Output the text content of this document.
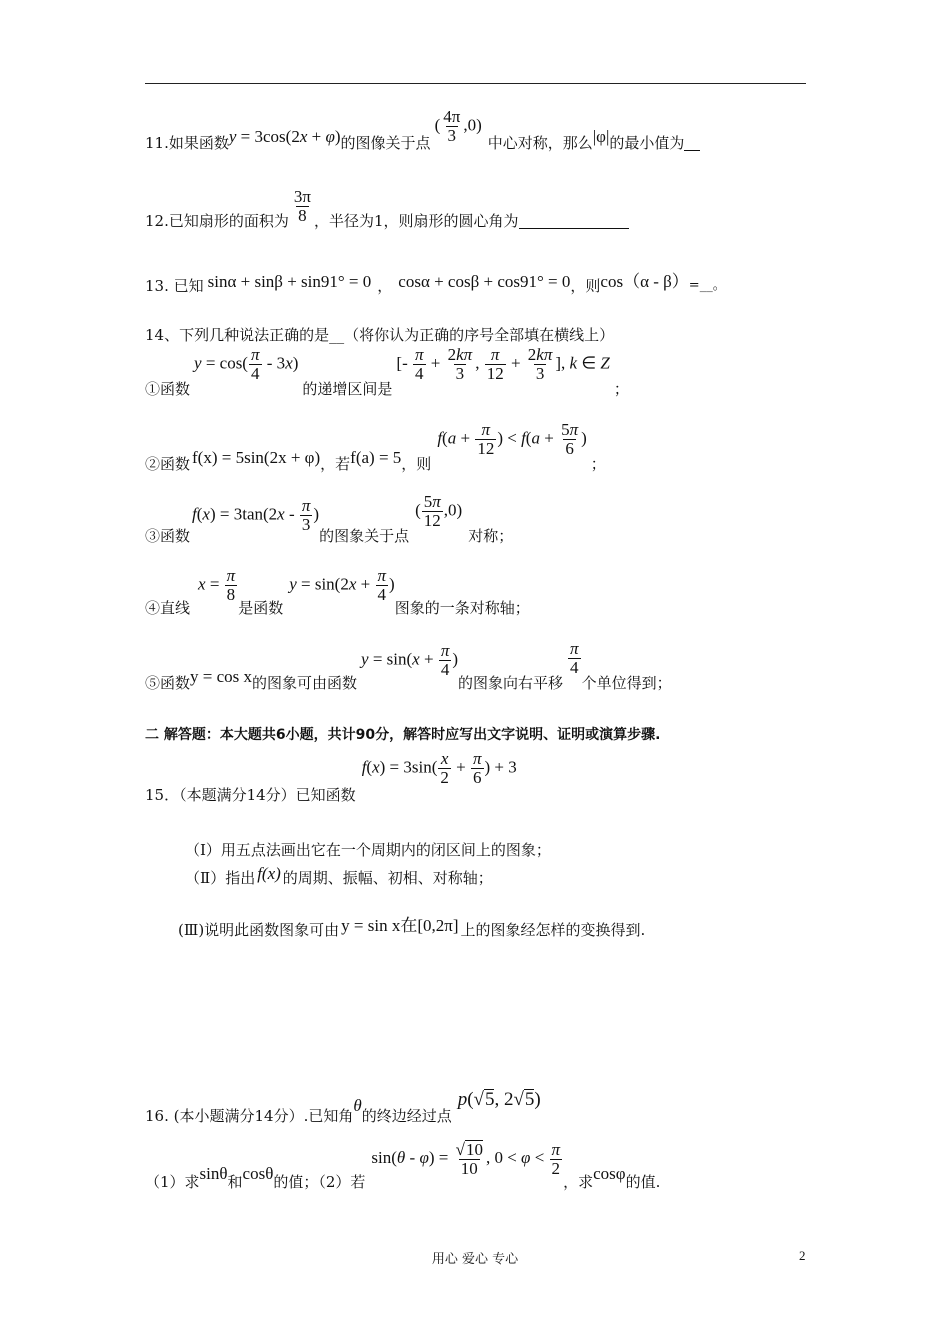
11.如果函数 y = 3cos(2x + φ) 的图像关于点
( $\frac{4\pi}{3} ,0$)
中心对称，那么 |φ| 的最小值为
12.已知扇形的面积为 $\frac{3\pi}{8}$ ，半径为1，则扇形的圆心角为
13. 已知 sinα + sinβ + sin91° = 0 ， cosα + cosβ + cos91° = 0 ，则 cos（α - β） =__。
14、下列几种说法正确的是__（将你认为正确的序号全部填在横线上）
①函数
$y = \cos( \frac{\pi}{4} - 3x)$
的递增区间是
[- $\frac{\pi}{4} + \frac{2k\pi}{3}$ , $\frac{\pi}{12} + \frac{2k\pi}{3}$ ], k ∈ Z
；
②函数 f(x) = 5sin(2x + φ) ，若 f(a) = 5 ，则
$f(a + \frac{\pi}{12}$ ) < $f(a + \frac{5\pi}{6}$ )
；
③函数
$f(x) = 3\tan(2x - \frac{\pi}{3}$ )
的图象关于点
( $\frac{5\pi}{12} ,0$)
对称；
④直线
$x = \frac{\pi}{8}$
是函数
$y = \sin(2x + \frac{\pi}{4}$ )
图象的一条对称轴；
⑤函数 y = cos x 的图象可由函数
$y = \sin(x + \frac{\pi}{4}$ )
的图象向右平移
$\frac{\pi}{4}$
个单位得到；
二 解答题：本大题共6小题，共计90分，解答时应写出文字说明、证明或演算步骤.
15．（本题满分14分）已知函数
$f(x) = 3\sin( \frac{x}{2} + \frac{\pi}{6}$ ) + 3
（Ⅰ）用五点法画出它在一个周期内的闭区间上的图象；
（Ⅱ）指出 f(x) 的周期、振幅、初相、对称轴；
(Ⅲ)说明此函数图象可由 y = sin x在[0,2π] 上的图象经怎样的变换得到.
16. (本小题满分14分）.已知角
θ
的终边经过点
p(√5, 2√5)
（1）求 sinθ 和 cosθ 的值；（2）若
$\sin(\theta - \varphi) = \frac{√10}{10}$ , $0 < \varphi < \frac{\pi}{2}$
，求 cosφ 的值.
用心 爱心 专心	2
